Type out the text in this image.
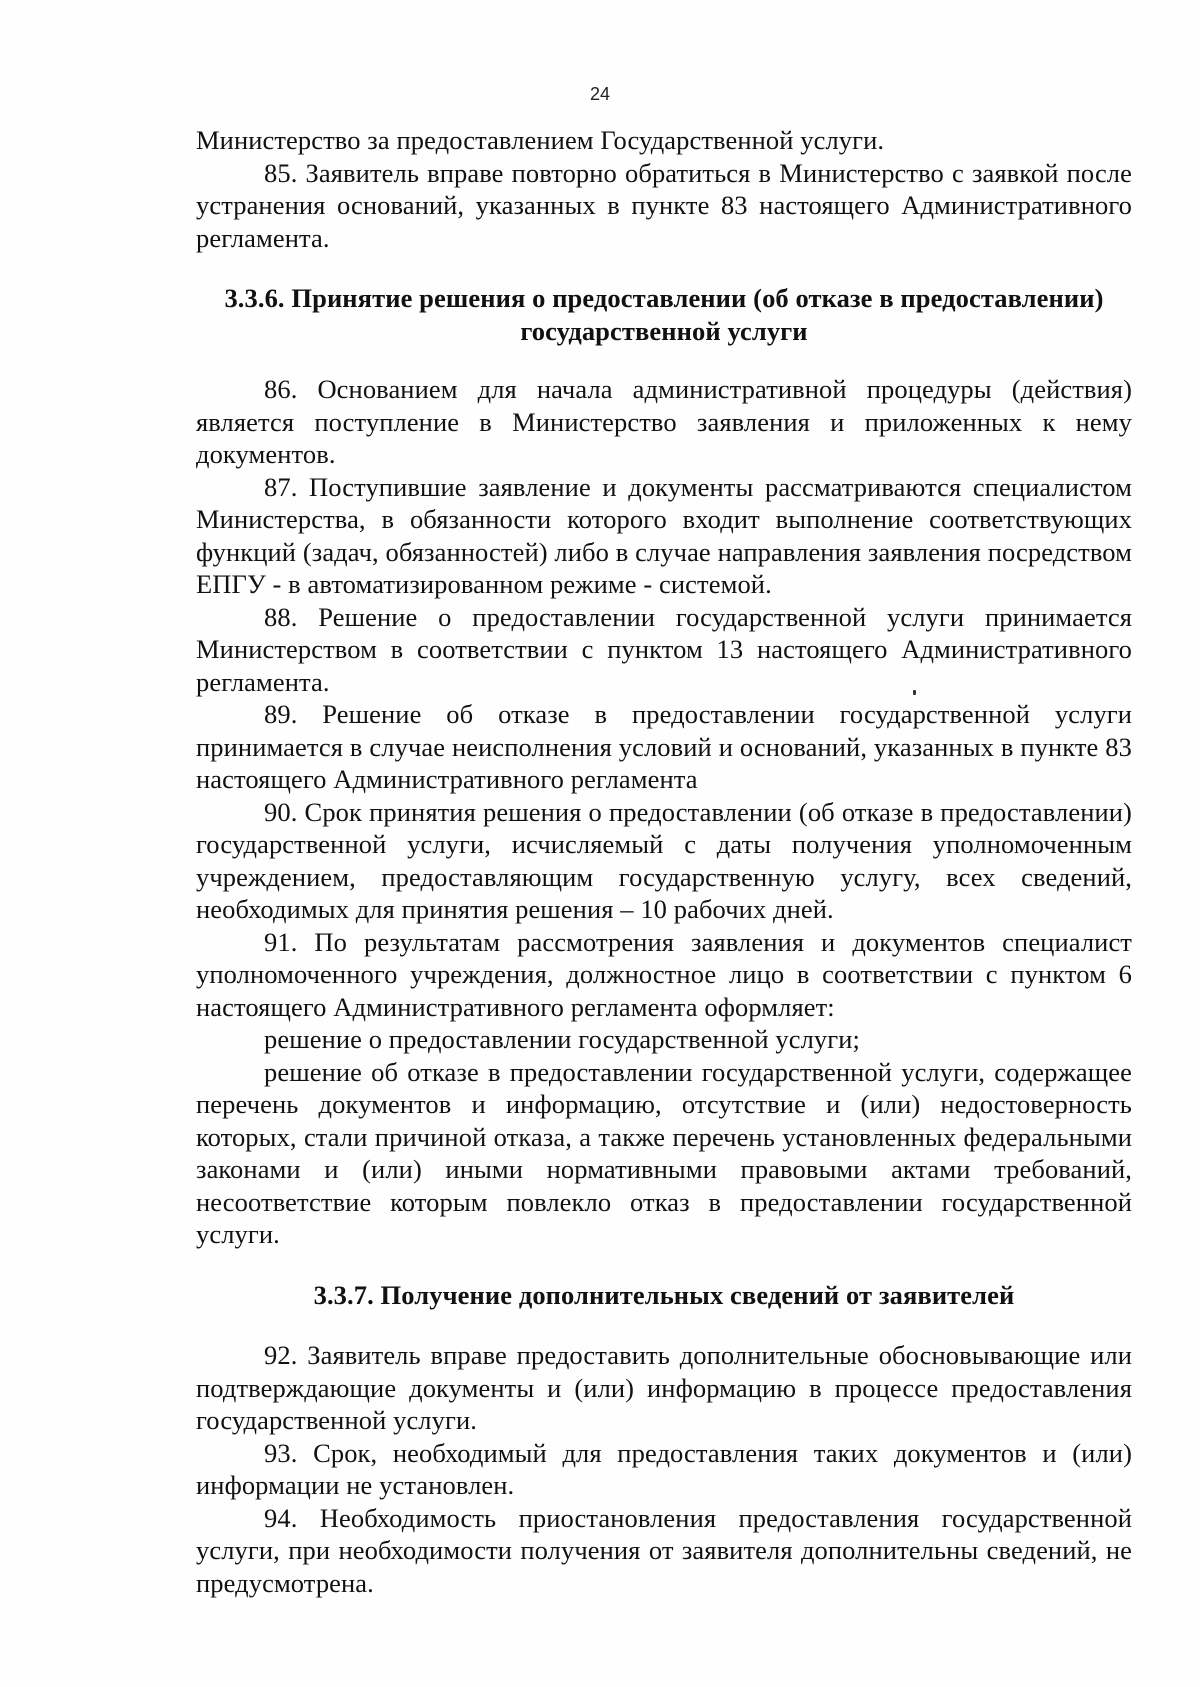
24

Министерство за предоставлением Государственной услуги.

85. Заявитель вправе повторно обратиться в Министерство с заявкой после устранения оснований, указанных в пункте 83 настоящего Административного регламента.

3.3.6. Принятие решения о предоставлении (об отказе в предоставлении) государственной услуги

86. Основанием для начала административной процедуры (действия) является поступление в Министерство заявления и приложенных к нему документов.

87. Поступившие заявление и документы рассматриваются специалистом Министерства, в обязанности которого входит выполнение соответствующих функций (задач, обязанностей) либо в случае направления заявления посредством ЕПГУ - в автоматизированном режиме - системой.

88. Решение о предоставлении государственной услуги принимается Министерством в соответствии с пунктом 13 настоящего Административного регламента.

89. Решение об отказе в предоставлении государственной услуги принимается в случае неисполнения условий и оснований, указанных в пункте 83 настоящего Административного регламента

90. Срок принятия решения о предоставлении (об отказе в предоставлении) государственной услуги, исчисляемый с даты получения уполномоченным учреждением, предоставляющим государственную услугу, всех сведений, необходимых для принятия решения – 10 рабочих дней.

91. По результатам рассмотрения заявления и документов специалист уполномоченного учреждения, должностное лицо в соответствии с пунктом 6 настоящего Административного регламента оформляет:

решение о предоставлении государственной услуги;

решение об отказе в предоставлении государственной услуги, содержащее перечень документов и информацию, отсутствие и (или) недостоверность которых, стали причиной отказа, а также перечень установленных федеральными законами и (или) иными нормативными правовыми актами требований, несоответствие которым повлекло отказ в предоставлении государственной услуги.

3.3.7. Получение дополнительных сведений от заявителей

92. Заявитель вправе предоставить дополнительные обосновывающие или подтверждающие документы и (или) информацию в процессе предоставления государственной услуги.

93. Срок, необходимый для предоставления таких документов и (или) информации не установлен.

94. Необходимость приостановления предоставления государственной услуги, при необходимости получения от заявителя дополнительны сведений, не предусмотрена.
